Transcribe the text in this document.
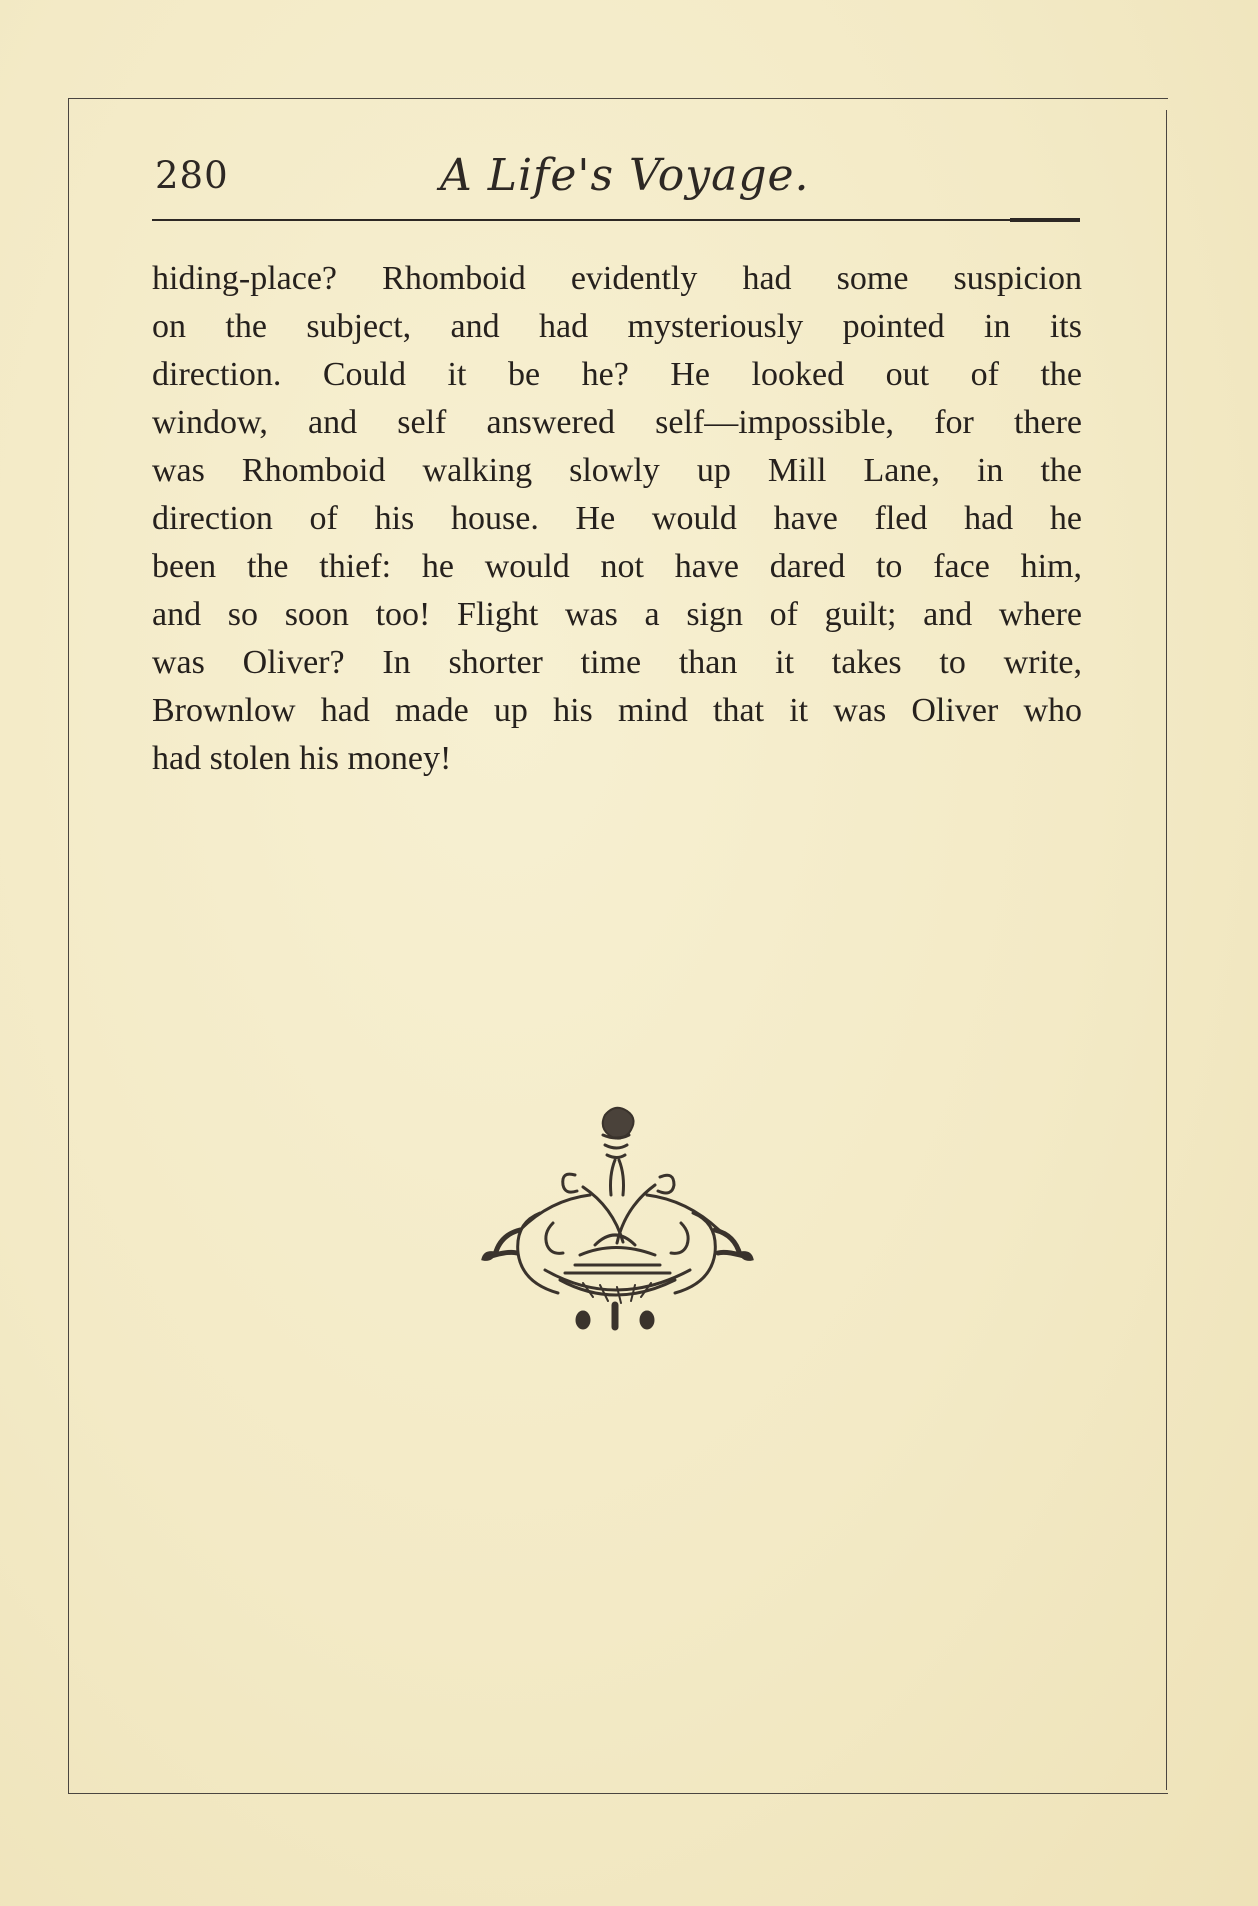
280	A Life's Voyage.
hiding-place? Rhomboid evidently had some suspicion
on the subject, and had mysteriously pointed in its
direction. Could it be he? He looked out of the
window, and self answered self—impossible, for there
was Rhomboid walking slowly up Mill Lane, in the
direction of his house. He would have fled had he
been the thief: he would not have dared to face him,
and so soon too! Flight was a sign of guilt; and where
was Oliver? In shorter time than it takes to write,
Brownlow had made up his mind that it was Oliver who
had stolen his money!
